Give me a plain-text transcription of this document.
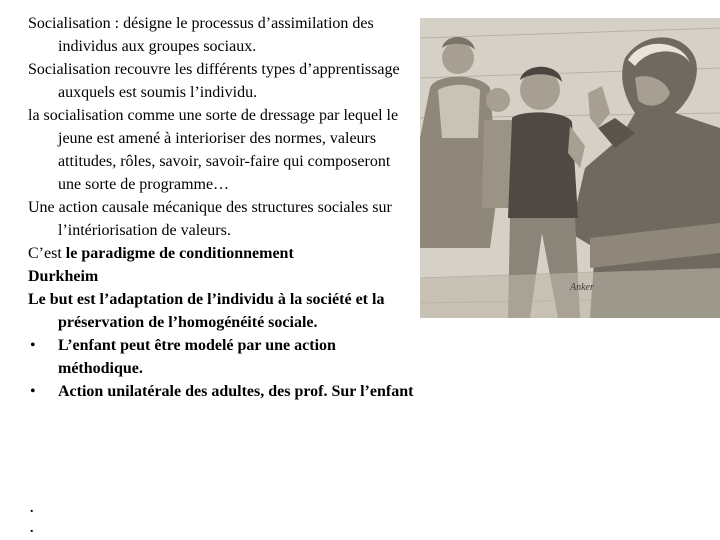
Socialisation : désigne le processus d’assimilation des individus aux groupes sociaux.

Socialisation recouvre les différents types d’apprentissage auxquels est soumis l’individu.

la socialisation comme une sorte de dressage par lequel le jeune est amené à interioriser des normes, valeurs attitudes, rôles, savoir, savoir-faire qui composeront une sorte de programme…

Une action causale mécanique des structures sociales sur l’intériorisation de valeurs.

C’est le paradigme de conditionnement

Durkheim

Le but est l’adaptation de l’individu à la société et la préservation de l’homogénéité sociale.

• L’enfant peut être modelé par une action méthodique.

• Action unilatérale des adultes, des prof. Sur l’enfant

.
.
Anker
